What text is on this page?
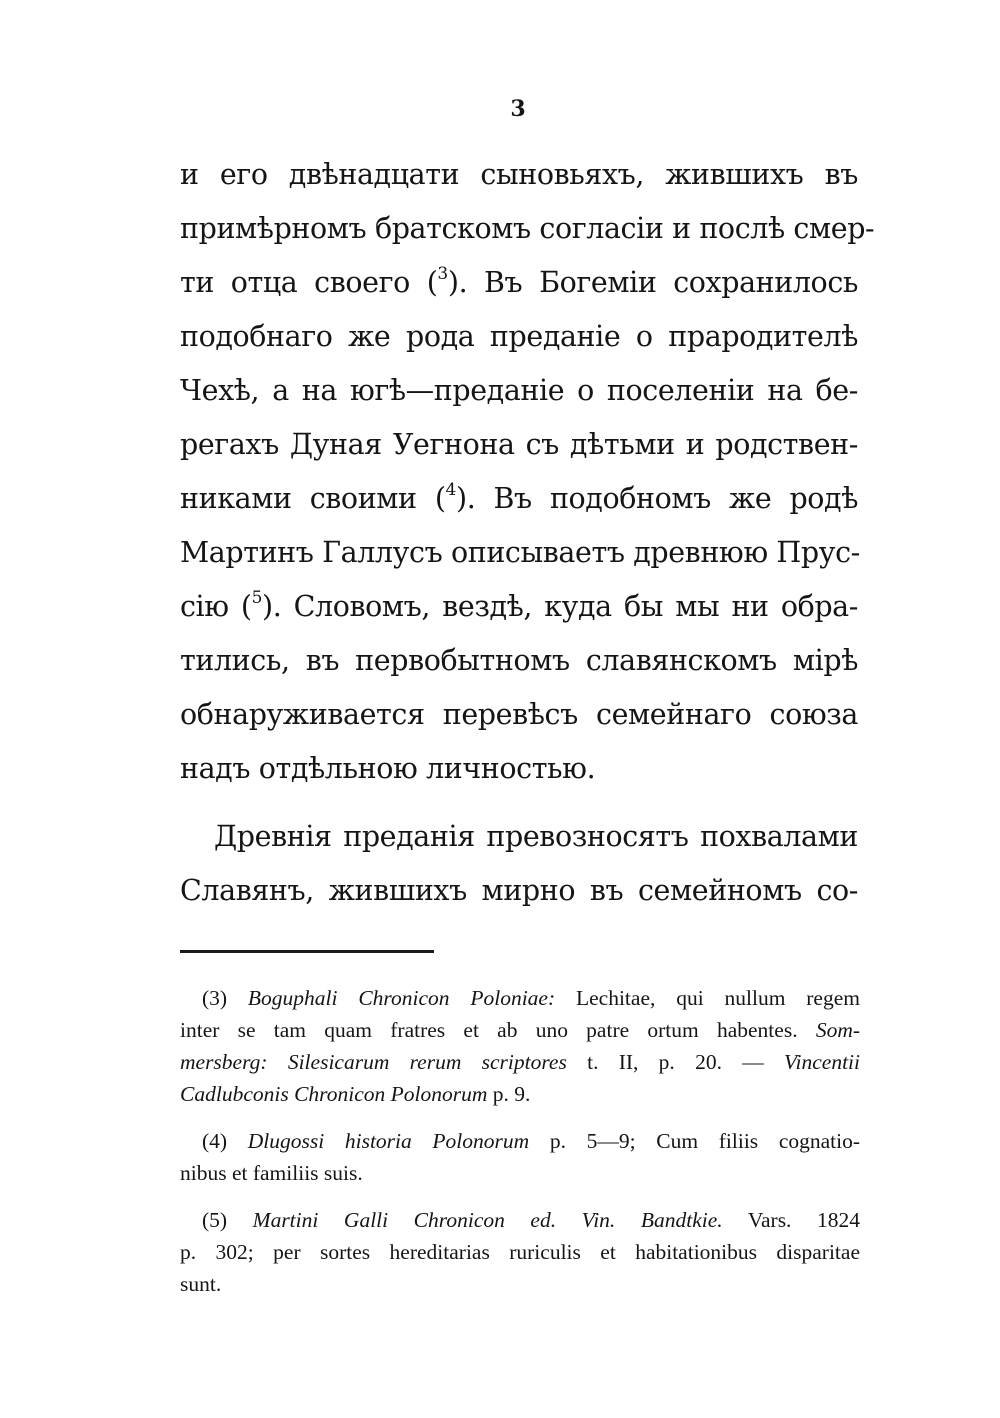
3
и его двѣнадцати сыновьяхъ, жившихъ въ
примѣрномъ братскомъ согласіи и послѣ смер-
ти отца своего ($^3$). Въ Богеміи сохранилось
подобнаго же рода преданіе о прародителѣ
Чехѣ, а на югѣ—преданіе о поселеніи на бе-
регахъ Дуная Уегнона съ дѣтьми и родствен-
никами своими ($^4$). Въ подобномъ же родѣ
Мартинъ Галлусъ описываетъ древнюю Прус-
сію ($^5$). Словомъ, вездѣ, куда бы мы ни обра-
тились, въ первобытномъ славянскомъ мірѣ
обнаруживается перевѣсъ семейнаго союза
надъ отдѣльною личностью.
Древнія преданія превозносятъ похвалами
Славянъ, жившихъ мирно въ семейномъ со-
(3) Boguphali Chronicon Poloniae: Lechitae, qui nullum regem
inter se tam quam fratres et ab uno patre ortum habentes. Som-
mersberg: Silesicarum rerum scriptores t. II, p. 20. — Vincentii
Cadlubconis Chronicon Polonorum p. 9.
(4) Dlugossi historia Polonorum p. 5—9; Cum filiis cognatio-
nibus et familiis suis.
(5) Martini Galli Chronicon ed. Vin. Bandtkie. Vars. 1824
p. 302; per sortes hereditarias ruriculis et habitationibus disparitae
sunt.
